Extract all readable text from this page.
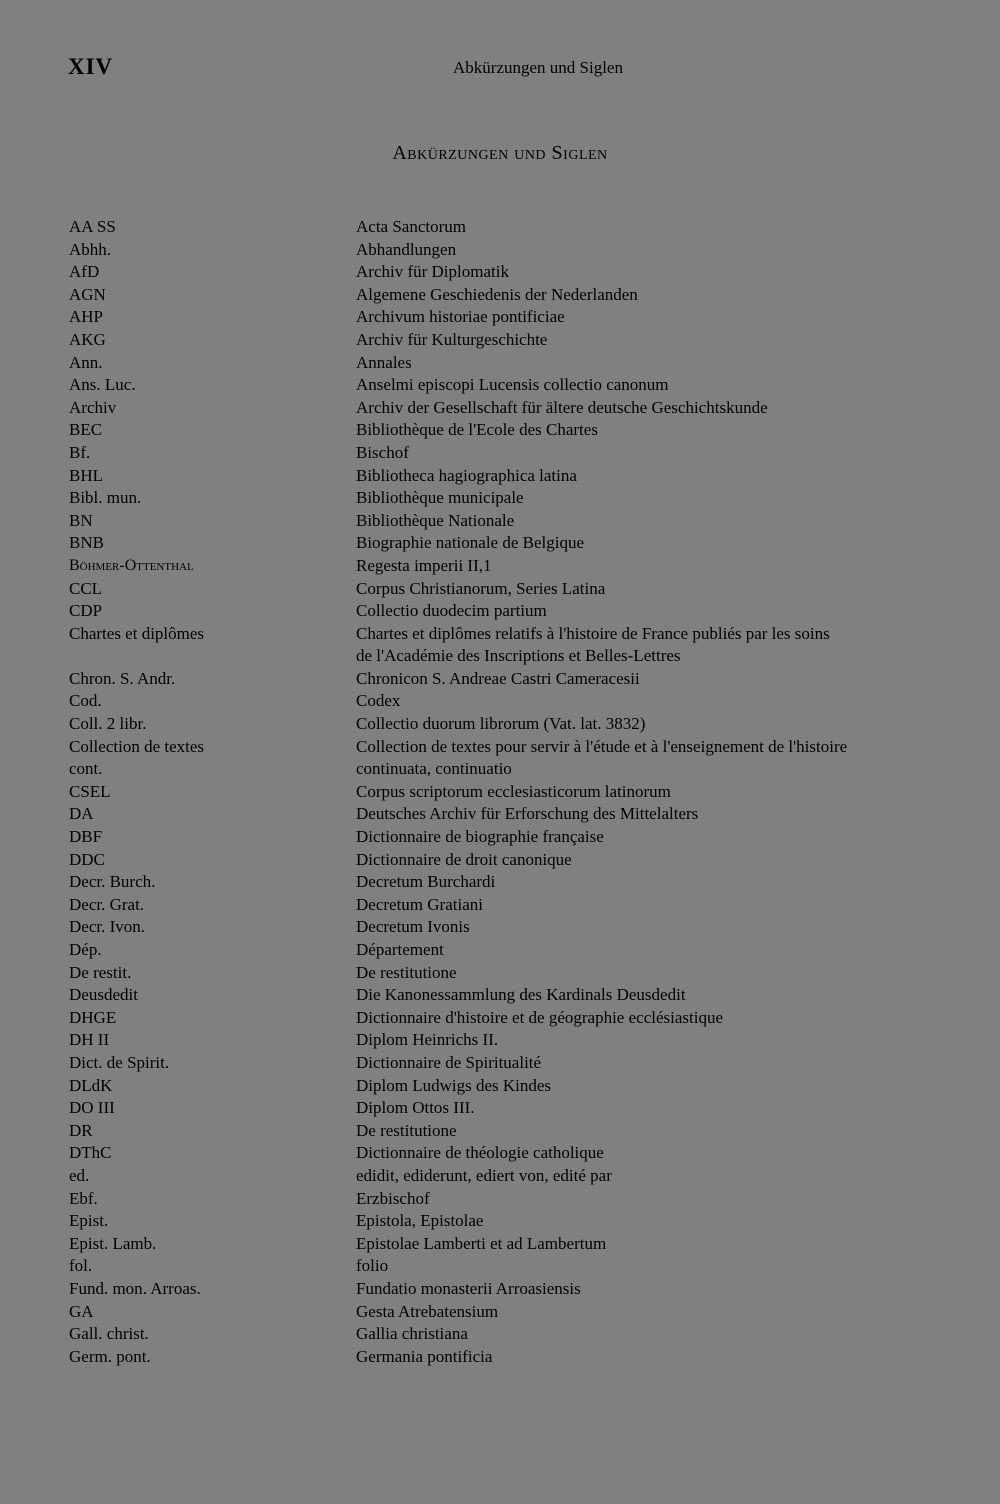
XIV	Abkürzungen und Siglen
Abkürzungen und Siglen
AA SS	Acta Sanctorum
Abhh.	Abhandlungen
AfD	Archiv für Diplomatik
AGN	Algemene Geschiedenis der Nederlanden
AHP	Archivum historiae pontificiae
AKG	Archiv für Kulturgeschichte
Ann.	Annales
Ans. Luc.	Anselmi episcopi Lucensis collectio canonum
Archiv	Archiv der Gesellschaft für ältere deutsche Geschichtskunde
BEC	Bibliothèque de l'Ecole des Chartes
Bf.	Bischof
BHL	Bibliotheca hagiographica latina
Bibl. mun.	Bibliothèque municipale
BN	Bibliothèque Nationale
BNB	Biographie nationale de Belgique
Böhmer-Ottenthal	Regesta imperii II,1
CCL	Corpus Christianorum, Series Latina
CDP	Collectio duodecim partium
Chartes et diplômes	Chartes et diplômes relatifs à l'histoire de France publiés par les soins de l'Académie des Inscriptions et Belles-Lettres
Chron. S. Andr.	Chronicon S. Andreae Castri Cameracesii
Cod.	Codex
Coll. 2 libr.	Collectio duorum librorum (Vat. lat. 3832)
Collection de textes	Collection de textes pour servir à l'étude et à l'enseignement de l'histoire
cont.	continuata, continuatio
CSEL	Corpus scriptorum ecclesiasticorum latinorum
DA	Deutsches Archiv für Erforschung des Mittelalters
DBF	Dictionnaire de biographie française
DDC	Dictionnaire de droit canonique
Decr. Burch.	Decretum Burchardi
Decr. Grat.	Decretum Gratiani
Decr. Ivon.	Decretum Ivonis
Dép.	Département
De restit.	De restitutione
Deusdedit	Die Kanonessammlung des Kardinals Deusdedit
DHGE	Dictionnaire d'histoire et de géographie ecclésiastique
DH II	Diplom Heinrichs II.
Dict. de Spirit.	Dictionnaire de Spiritualité
DLdK	Diplom Ludwigs des Kindes
DO III	Diplom Ottos III.
DR	De restitutione
DThC	Dictionnaire de théologie catholique
ed.	edidit, ediderunt, ediert von, edité par
Ebf.	Erzbischof
Epist.	Epistola, Epistolae
Epist. Lamb.	Epistolae Lamberti et ad Lambertum
fol.	folio
Fund. mon. Arroas.	Fundatio monasterii Arroasiensis
GA	Gesta Atrebatensium
Gall. christ.	Gallia christiana
Germ. pont.	Germania pontificia
